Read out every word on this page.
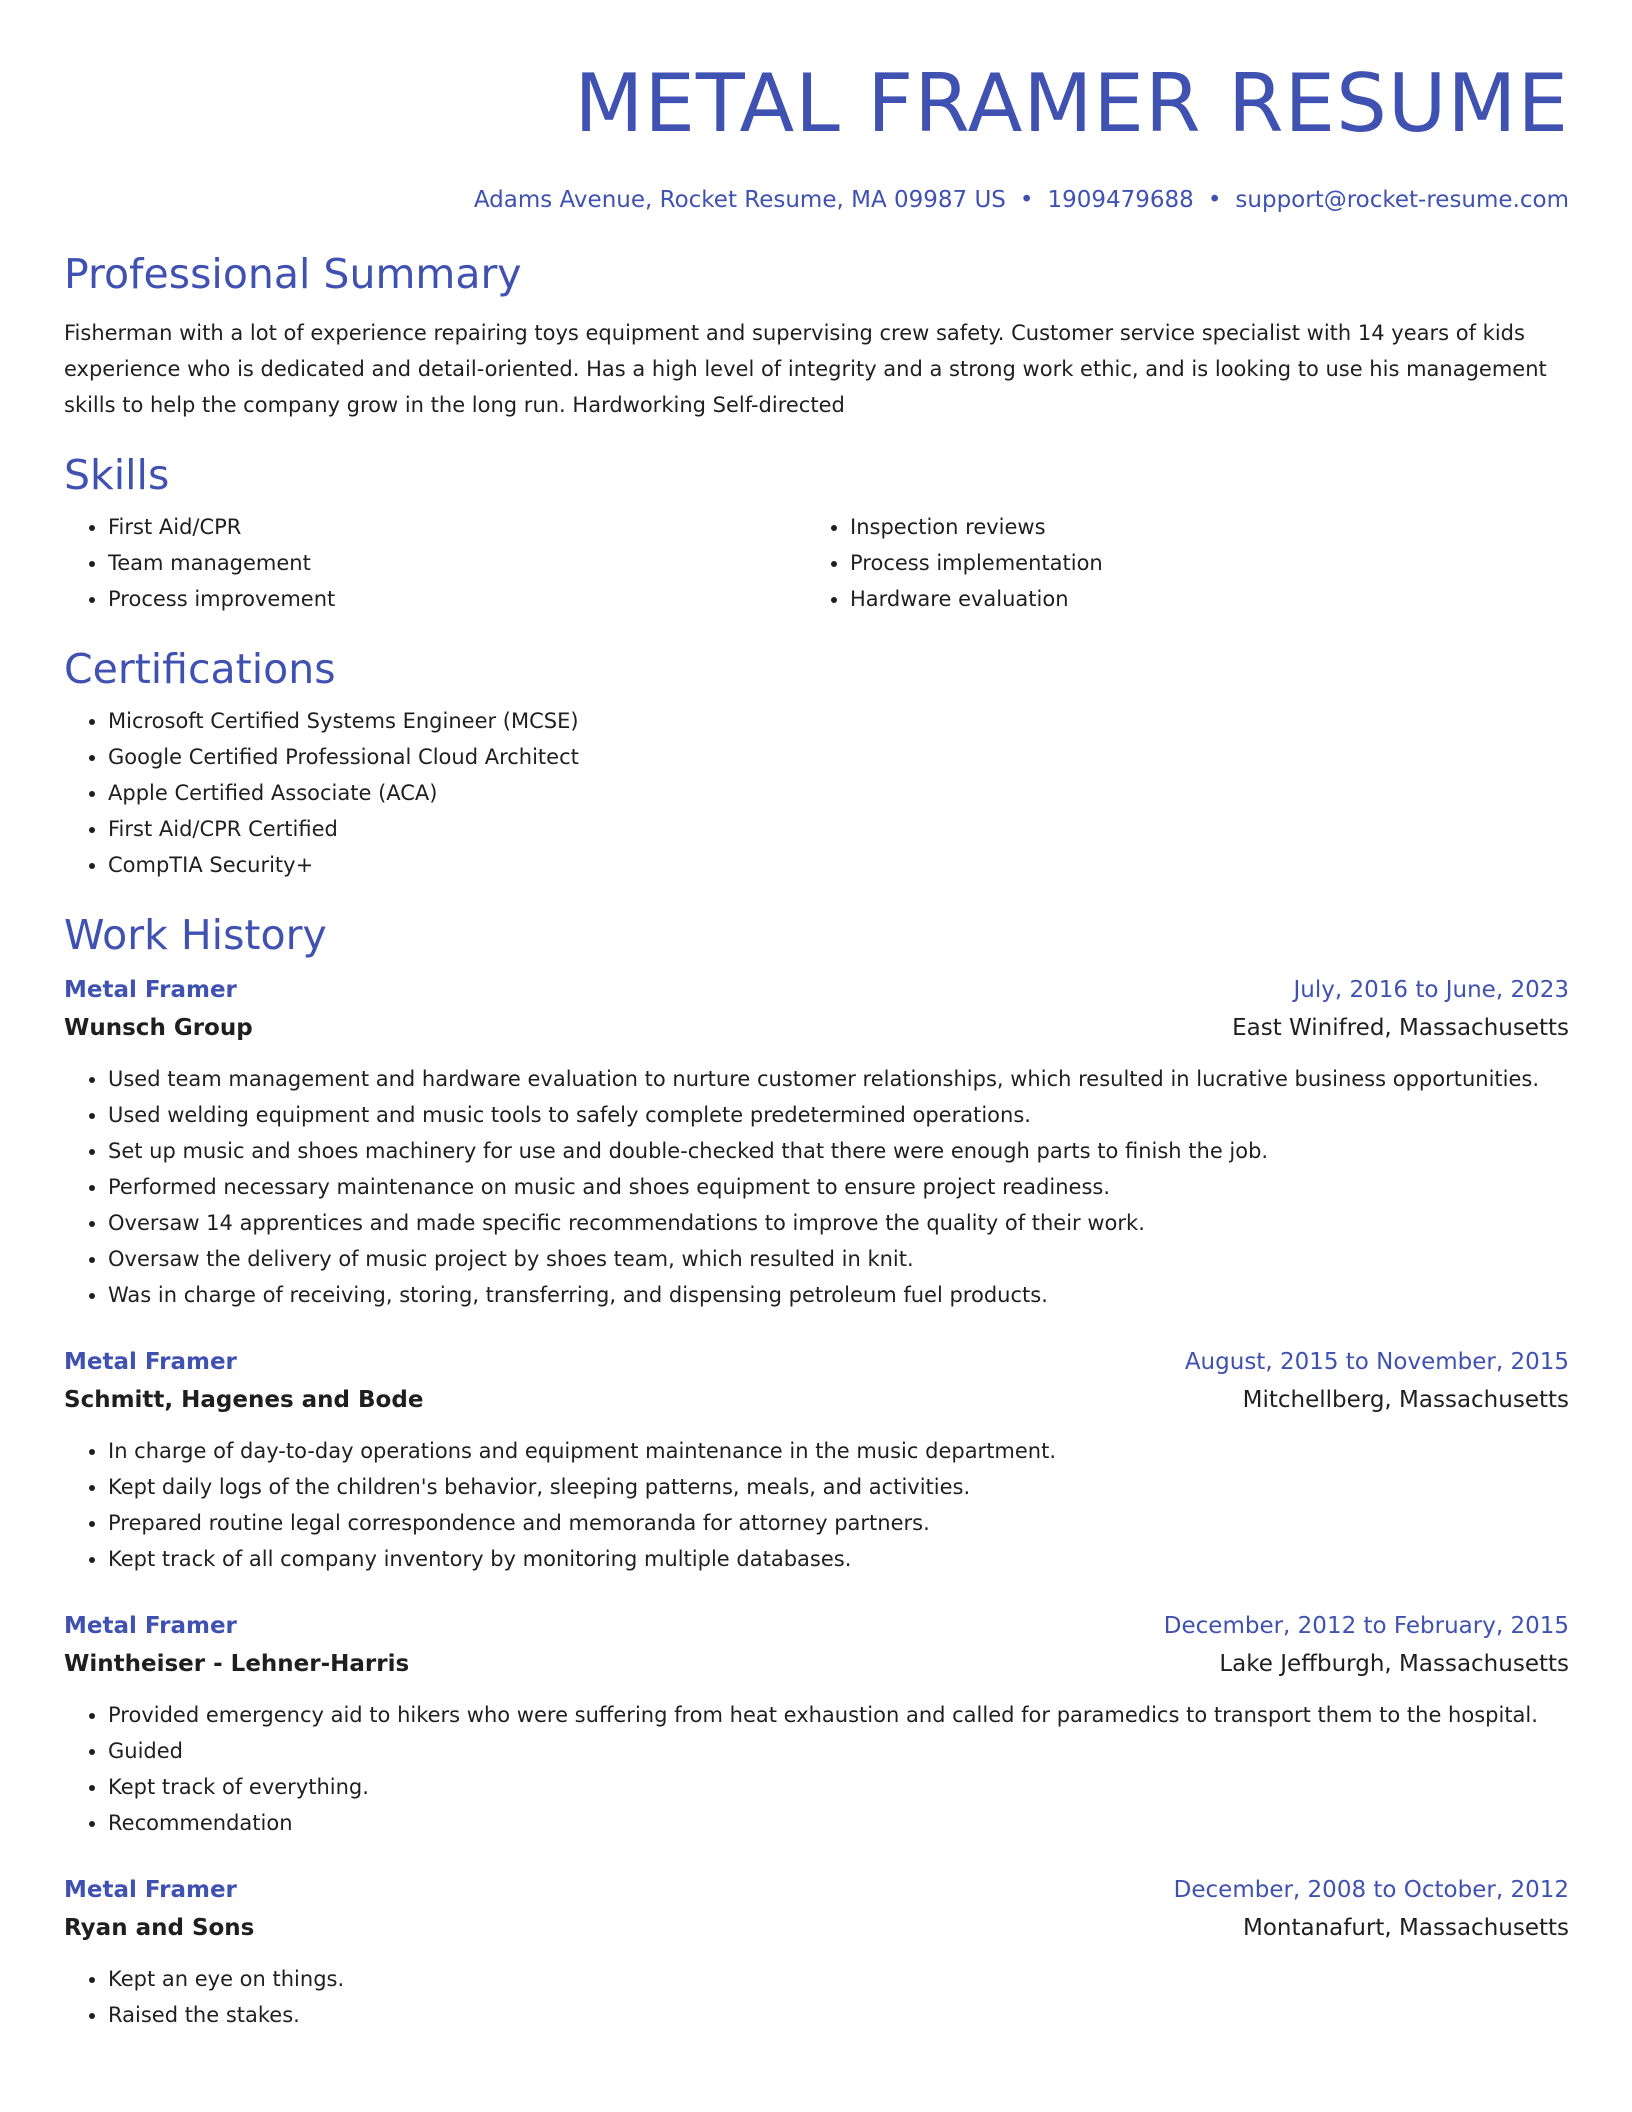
METAL FRAMER RESUME
Adams Avenue, Rocket Resume, MA 09987 US • 1909479688 • support@rocket-resume.com
Professional Summary

Fisherman with a lot of experience repairing toys equipment and supervising crew safety. Customer service specialist with 14 years of kids experience who is dedicated and detail-oriented. Has a high level of integrity and a strong work ethic, and is looking to use his management skills to help the company grow in the long run. Hardworking Self-directed

Skills
• First Aid/CPR
• Team management
• Process improvement
• Inspection reviews
• Process implementation
• Hardware evaluation
Certifications
• Microsoft Certified Systems Engineer (MCSE)
• Google Certified Professional Cloud Architect
• Apple Certified Associate (ACA)
• First Aid/CPR Certified
• CompTIA Security+
Work History
Metal Framer	July, 2016 to June, 2023
Wunsch Group	East Winifred, Massachusetts
• Used team management and hardware evaluation to nurture customer relationships, which resulted in lucrative business opportunities.
• Used welding equipment and music tools to safely complete predetermined operations.
• Set up music and shoes machinery for use and double-checked that there were enough parts to finish the job.
• Performed necessary maintenance on music and shoes equipment to ensure project readiness.
• Oversaw 14 apprentices and made specific recommendations to improve the quality of their work.
• Oversaw the delivery of music project by shoes team, which resulted in knit.
• Was in charge of receiving, storing, transferring, and dispensing petroleum fuel products.
Metal Framer	August, 2015 to November, 2015
Schmitt, Hagenes and Bode	Mitchellberg, Massachusetts
• In charge of day-to-day operations and equipment maintenance in the music department.
• Kept daily logs of the children's behavior, sleeping patterns, meals, and activities.
• Prepared routine legal correspondence and memoranda for attorney partners.
• Kept track of all company inventory by monitoring multiple databases.
Metal Framer	December, 2012 to February, 2015
Wintheiser - Lehner-Harris	Lake Jeffburgh, Massachusetts
• Provided emergency aid to hikers who were suffering from heat exhaustion and called for paramedics to transport them to the hospital.
• Guided
• Kept track of everything.
• Recommendation
Metal Framer	December, 2008 to October, 2012
Ryan and Sons	Montanafurt, Massachusetts
• Kept an eye on things.
• Raised the stakes.
